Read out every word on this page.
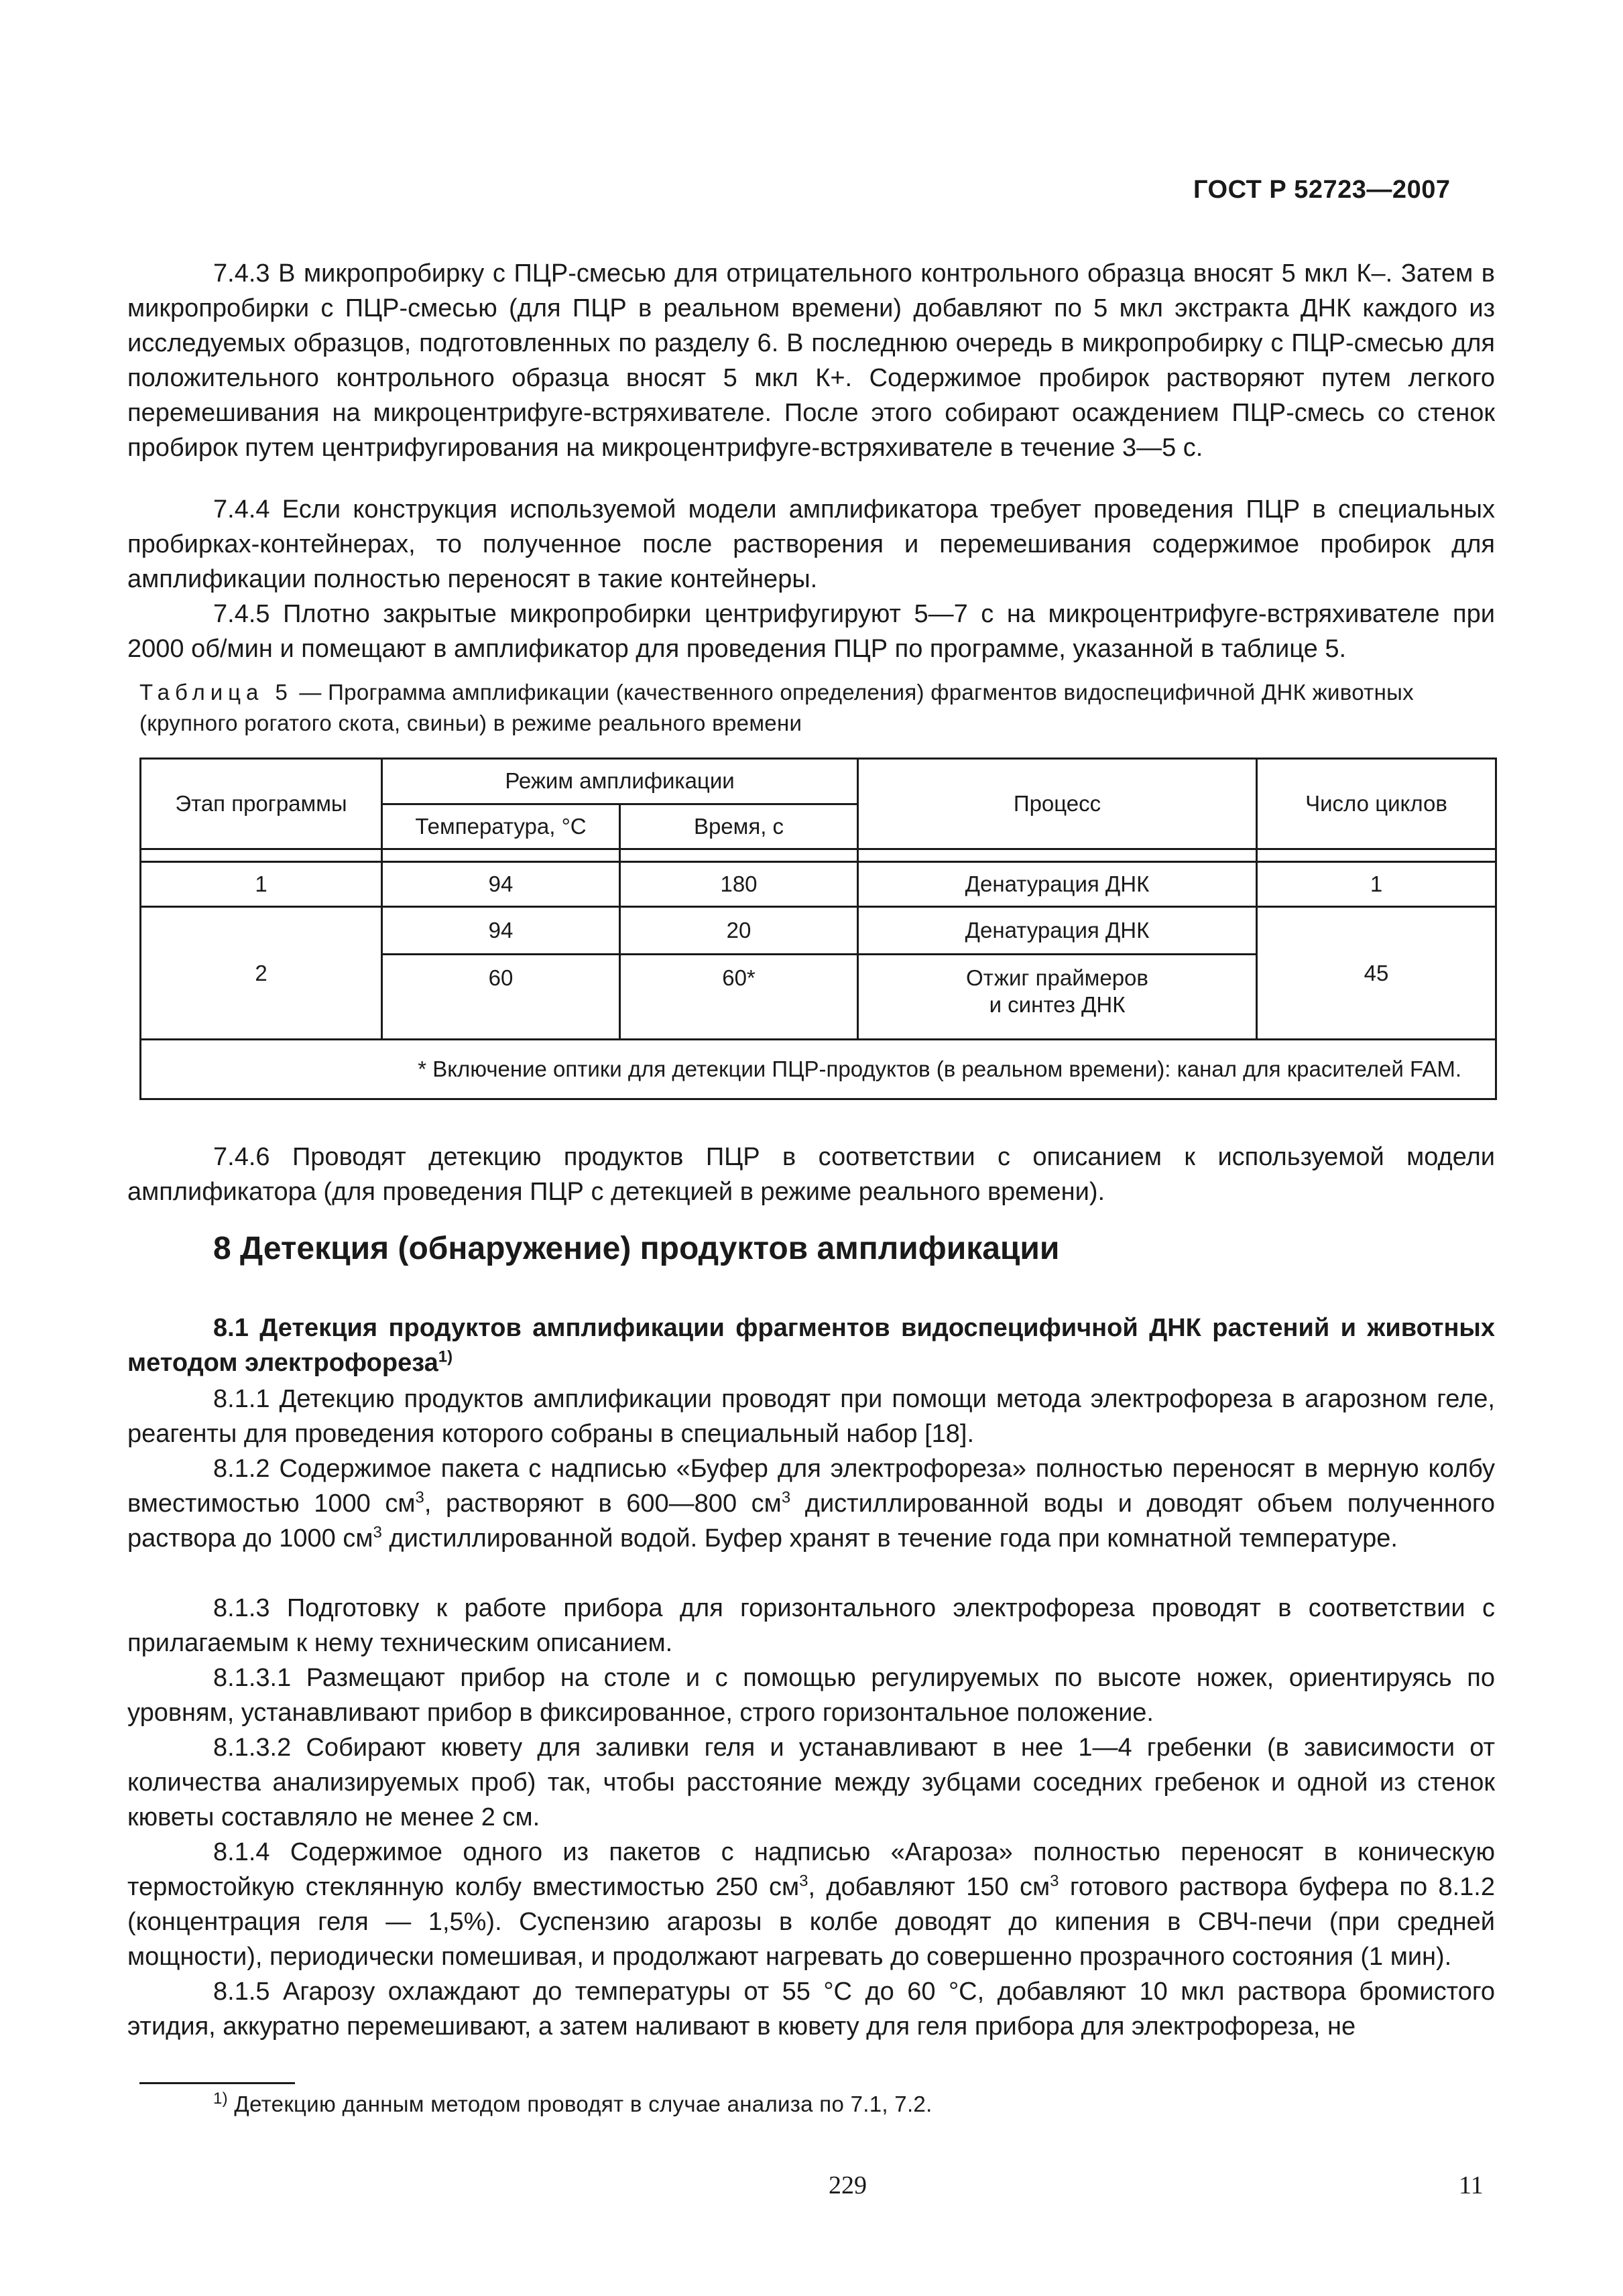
ГОСТ Р 52723—2007

7.4.3 В микропробирку с ПЦР-смесью для отрицательного контрольного образца вносят 5 мкл К–. Затем в микропробирки с ПЦР-смесью (для ПЦР в реальном времени) добавляют по 5 мкл экстракта ДНК каждого из исследуемых образцов, подготовленных по разделу 6. В последнюю очередь в микропробирку с ПЦР-смесью для положительного контрольного образца вносят 5 мкл К+. Содержимое пробирок растворяют путем легкого перемешивания на микроцентрифуге-встряхивателе. После этого собирают осаждением ПЦР-смесь со стенок пробирок путем центрифугирования на микроцентрифуге-встряхивателе в течение 3—5 с.

7.4.4 Если конструкция используемой модели амплификатора требует проведения ПЦР в специальных пробирках-контейнерах, то полученное после растворения и перемешивания содержимое пробирок для амплификации полностью переносят в такие контейнеры.

7.4.5 Плотно закрытые микропробирки центрифугируют 5—7 с на микроцентрифуге-встряхивателе при 2000 об/мин и помещают в амплификатор для проведения ПЦР по программе, указанной в таблице 5.

Таблица 5 — Программа амплификации (качественного определения) фрагментов видоспецифичной ДНК животных (крупного рогатого скота, свиньи) в режиме реального времени

Этап программы	Режим амплификации		Процесс	Число циклов
	Температура, °С	Время, с		

1	94	180	Денатурация ДНК	1
2	94	20	Денатурация ДНК	45
	60	60*	Отжиг праймеров
и синтез ДНК	

* Включение оптики для детекции ПЦР-продуктов (в реальном времени): канал для красителей FAM.				

7.4.6 Проводят детекцию продуктов ПЦР в соответствии с описанием к используемой модели амплификатора (для проведения ПЦР с детекцией в режиме реального времени).

8 Детекция (обнаружение) продуктов амплификации

8.1 Детекция продуктов амплификации фрагментов видоспецифичной ДНК растений и животных методом электрофореза$^{1)}$

8.1.1 Детекцию продуктов амплификации проводят при помощи метода электрофореза в агарозном геле, реагенты для проведения которого собраны в специальный набор [18].

8.1.2 Содержимое пакета с надписью «Буфер для электрофореза» полностью переносят в мерную колбу вместимостью 1000 $см^3$, растворяют в 600—800 $см^3$ дистиллированной воды и доводят объем полученного раствора до 1000 $см^3$ дистиллированной водой. Буфер хранят в течение года при комнатной температуре.

8.1.3 Подготовку к работе прибора для горизонтального электрофореза проводят в соответствии с прилагаемым к нему техническим описанием.

8.1.3.1 Размещают прибор на столе и с помощью регулируемых по высоте ножек, ориентируясь по уровням, устанавливают прибор в фиксированное, строго горизонтальное положение.

8.1.3.2 Собирают кювету для заливки геля и устанавливают в нее 1—4 гребенки (в зависимости от количества анализируемых проб) так, чтобы расстояние между зубцами соседних гребенок и одной из стенок кюветы составляло не менее 2 см.

8.1.4 Содержимое одного из пакетов с надписью «Агароза» полностью переносят в коническую термостойкую стеклянную колбу вместимостью 250 $см^3$, добавляют 150 $см^3$ готового раствора буфера по 8.1.2 (концентрация геля — 1,5%). Суспензию агарозы в колбе доводят до кипения в СВЧ-печи (при средней мощности), периодически помешивая, и продолжают нагревать до совершенно прозрачного состояния (1 мин).

8.1.5 Агарозу охлаждают до температуры от 55 °С до 60 °С, добавляют 10 мкл раствора бромистого этидия, аккуратно перемешивают, а затем наливают в кювету для геля прибора для электрофореза, не

$^{1)}$ Детекцию данным методом проводят в случае анализа по 7.1, 7.2.
229	11
